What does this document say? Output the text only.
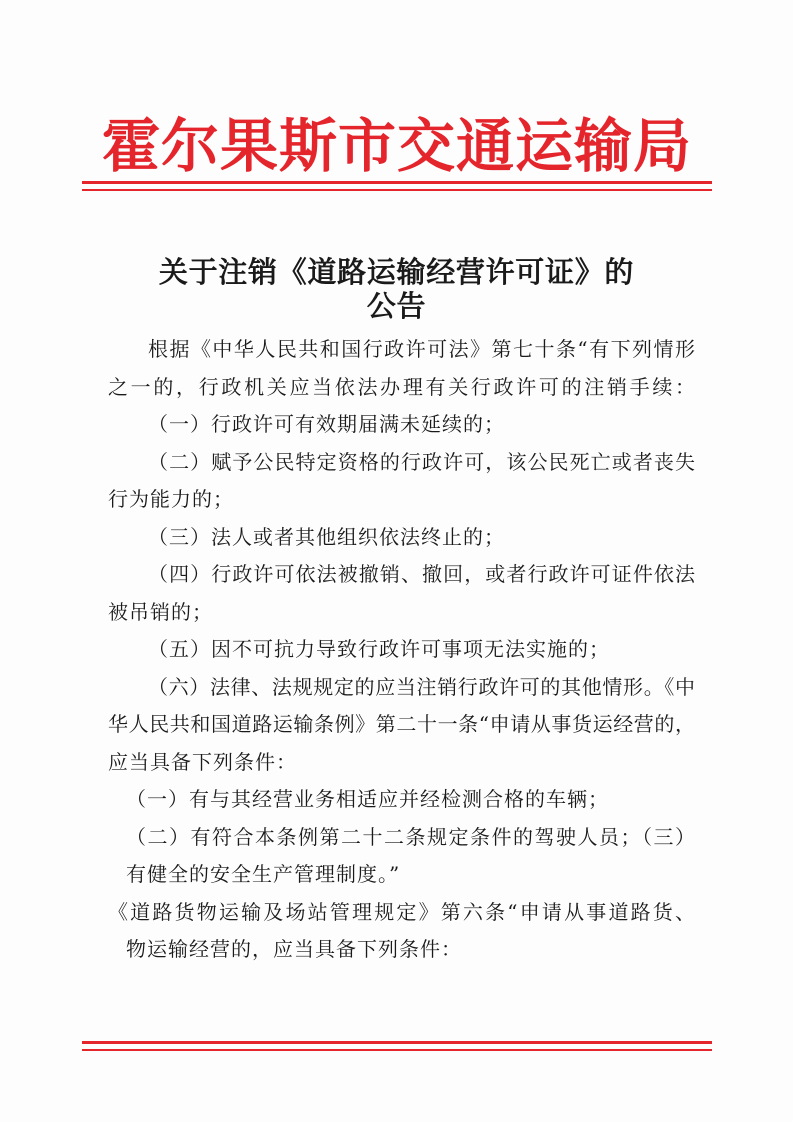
霍尔果斯市交通运输局
关于注销《道路运输经营许可证》的
公告
根据《中华人民共和国行政许可法》第七十条“有下列情形
之一的，行政机关应当依法办理有关行政许可的注销手续：
（一）行政许可有效期届满未延续的；
（二）赋予公民特定资格的行政许可，该公民死亡或者丧失
行为能力的；
（三）法人或者其他组织依法终止的；
（四）行政许可依法被撤销、撤回，或者行政许可证件依法
被吊销的；
（五）因不可抗力导致行政许可事项无法实施的；
（六）法律、法规规定的应当注销行政许可的其他情形。《中
华人民共和国道路运输条例》第二十一条“申请从事货运经营的，
应当具备下列条件：
（一）有与其经营业务相适应并经检测合格的车辆；
（二）有符合本条例第二十二条规定条件的驾驶人员；（三）
有健全的安全生产管理制度。”
《道路货物运输及场站管理规定》第六条“申请从事道路货、
物运输经营的，应当具备下列条件：
